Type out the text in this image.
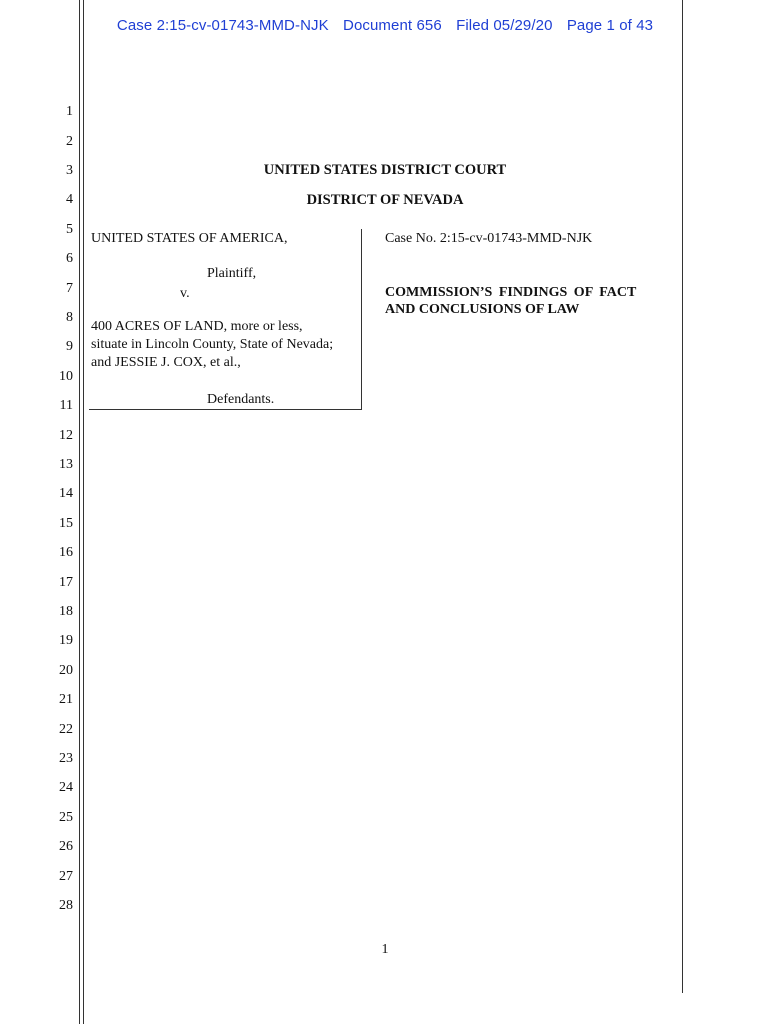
Case 2:15-cv-01743-MMD-NJK Document 656 Filed 05/29/20 Page 1 of 43
1
2
3
4
5
6
7
8
9
10
11
12
13
14
15
16
17
18
19
20
21
22
23
24
25
26
27
28
UNITED STATES DISTRICT COURT
DISTRICT OF NEVADA
UNITED STATES OF AMERICA,
Plaintiff,
v.
400 ACRES OF LAND, more or less,
situate in Lincoln County, State of Nevada;
and JESSIE J. COX, et al.,
Defendants.
Case No. 2:15-cv-01743-MMD-NJK
COMMISSION’S FINDINGS OF FACT
AND CONCLUSIONS OF LAW
1
